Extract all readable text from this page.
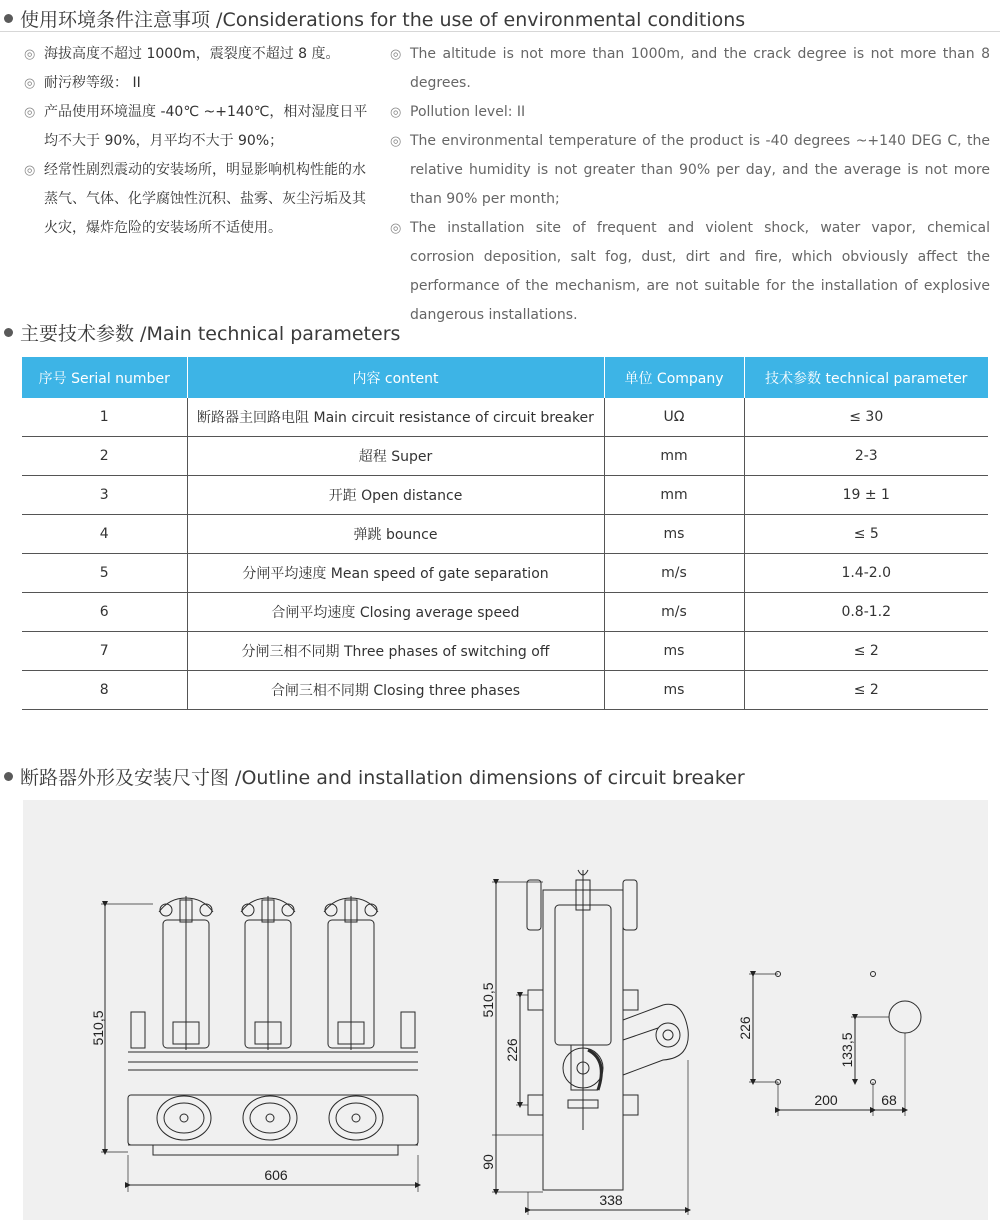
使用环境条件注意事项 /Considerations for the use of environmental conditions
◎ 海拔高度不超过 1000m，震裂度不超过 8 度。
◎ 耐污秽等级： II
◎ 产品使用环境温度 -40℃ ~+140℃，相对湿度日平均不大于 90%，月平均不大于 90%；
◎ 经常性剧烈震动的安装场所，明显影响机构性能的水蒸气、气体、化学腐蚀性沉积、盐雾、灰尘污垢及其火灾，爆炸危险的安装场所不适使用。
◎ The altitude is not more than 1000m, and the crack degree is not more than 8 degrees.
◎ Pollution level: II
◎ The environmental temperature of the product is -40 degrees ~+140 DEG C, the relative humidity is not greater than 90% per day, and the average is not more than 90% per month;
◎ The installation site of frequent and violent shock, water vapor, chemical corrosion deposition, salt fog, dust, dirt and fire, which obviously affect the performance of the mechanism, are not suitable for the installation of explosive dangerous installations.
主要技术参数 /Main technical parameters
序号 Serial number	内容 content	单位 Company	技术参数 technical parameter
1	断路器主回路电阻 Main circuit resistance of circuit breaker	UΩ	≤ 30
2	超程 Super	mm	2-3
3	开距 Open distance	mm	19 ± 1
4	弹跳 bounce	ms	≤ 5
5	分闸平均速度 Mean speed of gate separation	m/s	1.4-2.0
6	合闸平均速度 Closing average speed	m/s	0.8-1.2
7	分闸三相不同期 Three phases of switching off	ms	≤ 2
8	合闸三相不同期 Closing three phases	ms	≤ 2
断路器外形及安装尺寸图 /Outline and installation dimensions of circuit breaker
510,5
606
510,5
226
90
338
226
133,5
200	68
